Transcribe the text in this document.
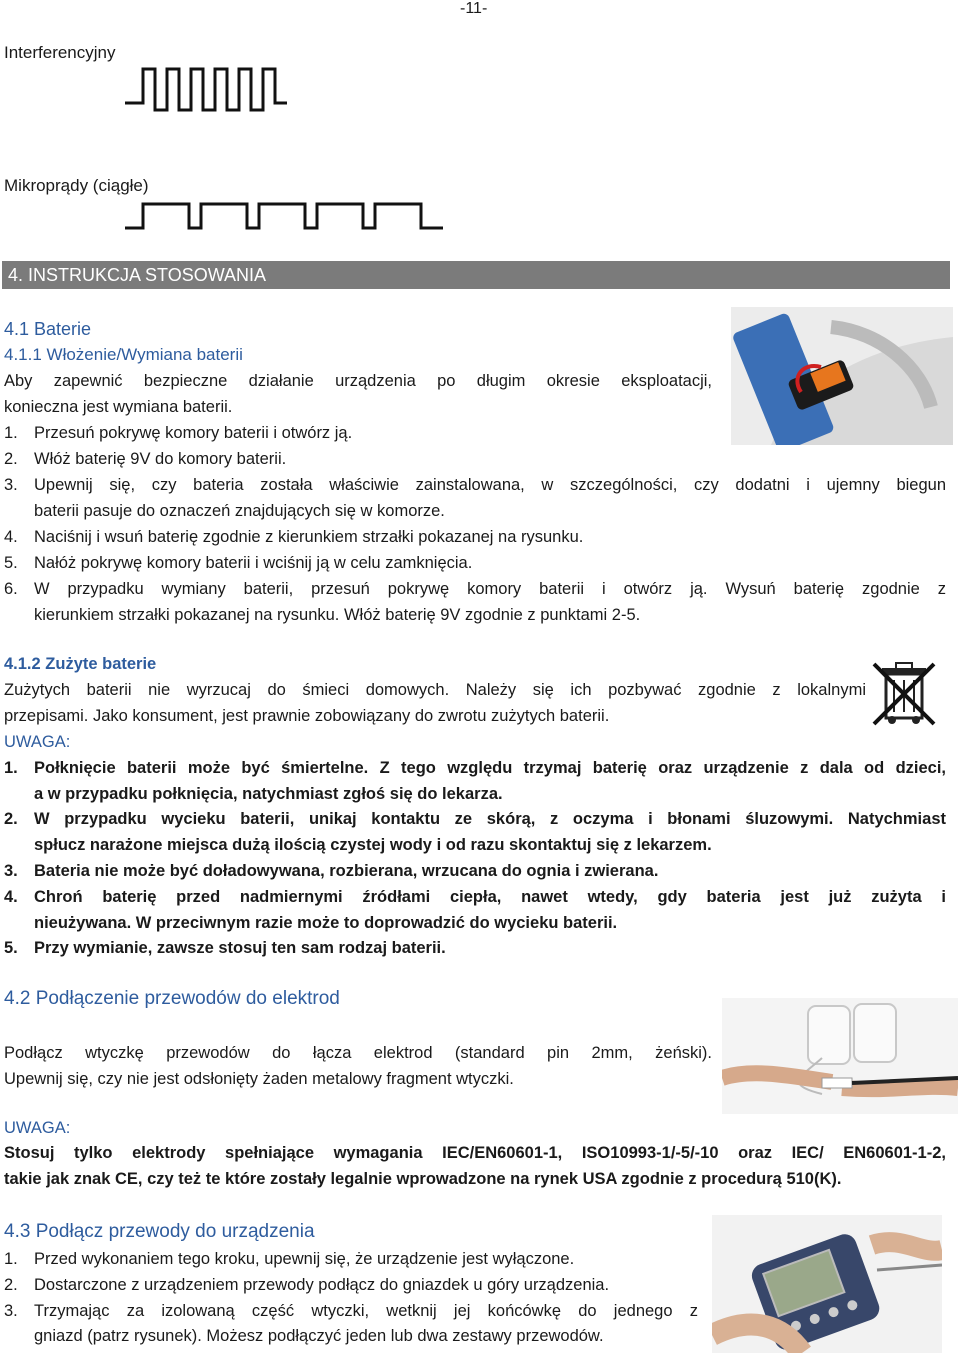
-11-
Interferencyjny
Mikroprądy (ciągłe)
4. INSTRUKCJA STOSOWANIA
4.1 Baterie
4.1.1 Włożenie/Wymiana baterii
Aby zapewnić bezpieczne działanie urządzenia po długim okresie eksploatacji,
konieczna jest wymiana baterii.
1. Przesuń pokrywę komory baterii i otwórz ją.
2. Włóż baterię 9V do komory baterii.
3. Upewnij się, czy bateria została właściwie zainstalowana, w szczególności, czy dodatni i ujemny biegun
baterii pasuje do oznaczeń znajdujących się w komorze.
4. Naciśnij i wsuń baterię zgodnie z kierunkiem strzałki pokazanej na rysunku.
5. Nałóż pokrywę komory baterii i wciśnij ją w celu zamknięcia.
6. W przypadku wymiany baterii, przesuń pokrywę komory baterii i otwórz ją. Wysuń baterię zgodnie z
kierunkiem strzałki pokazanej na rysunku. Włóż baterię 9V zgodnie z punktami 2-5.
4.1.2 Zużyte baterie
Zużytych baterii nie wyrzucaj do śmieci domowych. Należy się ich pozbywać zgodnie z lokalnymi
przepisami. Jako konsument, jest prawnie zobowiązany do zwrotu zużytych baterii.
UWAGA:
1. Połknięcie baterii może być śmiertelne. Z tego względu trzymaj baterię oraz urządzenie z dala od dzieci,
a w przypadku połknięcia, natychmiast zgłoś się do lekarza.
2. W przypadku wycieku baterii, unikaj kontaktu ze skórą, z oczyma i błonami śluzowymi. Natychmiast
spłucz narażone miejsca dużą ilością czystej wody i od razu skontaktuj się z lekarzem.
3. Bateria nie może być doładowywana, rozbierana, wrzucana do ognia i zwierana.
4. Chroń baterię przed nadmiernymi źródłami ciepła, nawet wtedy, gdy bateria jest już zużyta i
nieużywana. W przeciwnym razie może to doprowadzić do wycieku baterii.
5. Przy wymianie, zawsze stosuj ten sam rodzaj baterii.
4.2 Podłączenie przewodów do elektrod
Podłącz wtyczkę przewodów do łącza elektrod (standard pin 2mm, żeński).
Upewnij się, czy nie jest odsłonięty żaden metalowy fragment wtyczki.
UWAGA:
Stosuj tylko elektrody spełniające wymagania IEC/EN60601-1, ISO10993-1/-5/-10 oraz IEC/ EN60601-1-2,
takie jak znak CE, czy też te które zostały legalnie wprowadzone na rynek USA zgodnie z procedurą 510(K).
4.3 Podłącz przewody do urządzenia
1. Przed wykonaniem tego kroku, upewnij się, że urządzenie jest wyłączone.
2. Dostarczone z urządzeniem przewody podłącz do gniazdek u góry urządzenia.
3. Trzymając za izolowaną część wtyczki, wetknij jej końcówkę do jednego z
gniazd (patrz rysunek). Możesz podłączyć jeden lub dwa zestawy przewodów.
